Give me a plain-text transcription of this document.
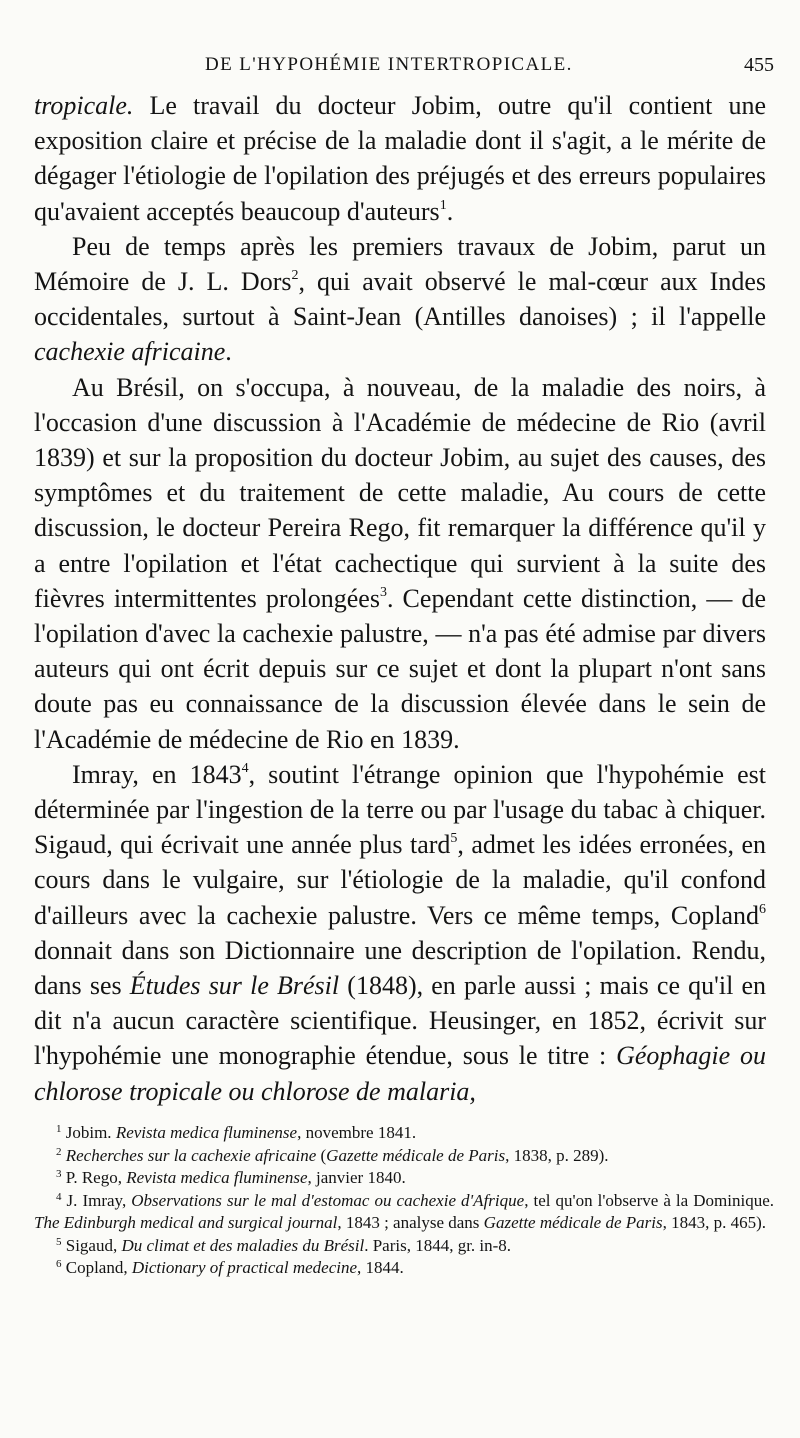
DE L'HYPOHÉMIE INTERTROPICALE.	455

tropicale. Le travail du docteur Jobim, outre qu'il contient une exposition claire et précise de la maladie dont il s'agit, a le mérite de dégager l'étiologie de l'opilation des préjugés et des erreurs populaires qu'avaient acceptés beaucoup d'auteurs$^1$.

Peu de temps après les premiers travaux de Jobim, parut un Mémoire de J. L. Dors$^2$, qui avait observé le mal-cœur aux Indes occidentales, surtout à Saint-Jean (Antilles danoises) ; il l'appelle cachexie africaine.

Au Brésil, on s'occupa, à nouveau, de la maladie des noirs, à l'occasion d'une discussion à l'Académie de médecine de Rio (avril 1839) et sur la proposition du docteur Jobim, au sujet des causes, des symptômes et du traitement de cette maladie, Au cours de cette discussion, le docteur Pereira Rego, fit remarquer la différence qu'il y a entre l'opilation et l'état cachectique qui survient à la suite des fièvres intermittentes prolongées$^3$. Cependant cette distinction, — de l'opilation d'avec la cachexie palustre, — n'a pas été admise par divers auteurs qui ont écrit depuis sur ce sujet et dont la plupart n'ont sans doute pas eu connaissance de la discussion élevée dans le sein de l'Académie de médecine de Rio en 1839.

Imray, en 1843$^4$, soutint l'étrange opinion que l'hypohémie est déterminée par l'ingestion de la terre ou par l'usage du tabac à chiquer. Sigaud, qui écrivait une année plus tard$^5$, admet les idées erronées, en cours dans le vulgaire, sur l'étiologie de la maladie, qu'il confond d'ailleurs avec la cachexie palustre. Vers ce même temps, Copland$^6$ donnait dans son Dictionnaire une description de l'opilation. Rendu, dans ses Études sur le Brésil (1848), en parle aussi ; mais ce qu'il en dit n'a aucun caractère scientifique. Heusinger, en 1852, écrivit sur l'hypohémie une monographie étendue, sous le titre : Géophagie ou chlorose tropicale ou chlorose de malaria,

$^1$ Jobim. Revista medica fluminense, novembre 1841.

$^2$ Recherches sur la cachexie africaine (Gazette médicale de Paris, 1838, p. 289).

$^3$ P. Rego, Revista medica fluminense, janvier 1840.

$^4$ J. Imray, Observations sur le mal d'estomac ou cachexie d'Afrique, tel qu'on l'observe à la Dominique. The Edinburgh medical and surgical journal, 1843 ; analyse dans Gazette médicale de Paris, 1843, p. 465).

$^5$ Sigaud, Du climat et des maladies du Brésil. Paris, 1844, gr. in-8.

$^6$ Copland, Dictionary of practical medecine, 1844.
